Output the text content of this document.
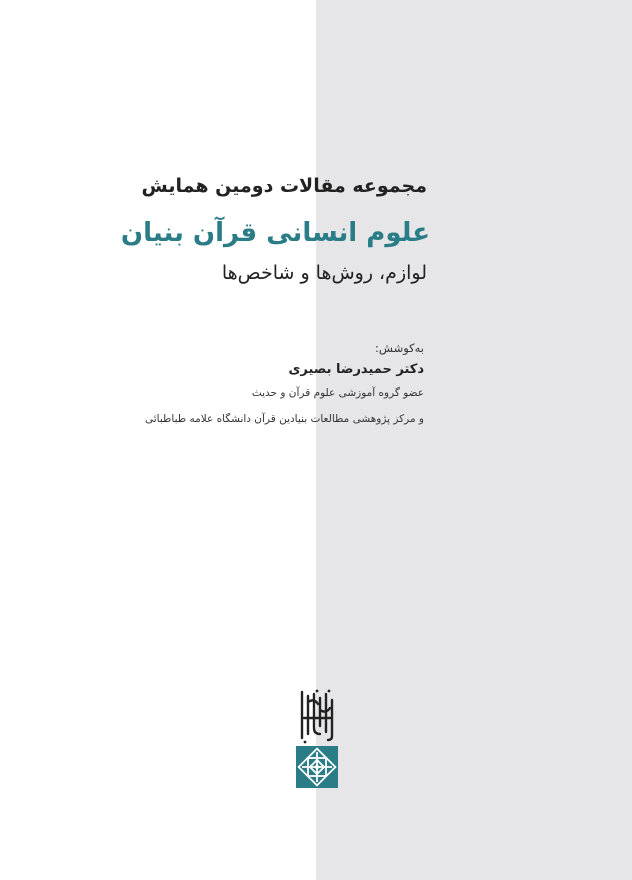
مجموعه مقالات دومین همایش
علوم انسانی قرآن بنیان
لوازم، روش‌ها و شاخص‌ها
به‌کوشش:
دکتر حمیدرضا بصیری
عضو گروه آموزشی علوم قرآن و حدیث
و مرکز پژوهشی مطالعات بنیادین قرآن دانشگاه علامه طباطبائی
